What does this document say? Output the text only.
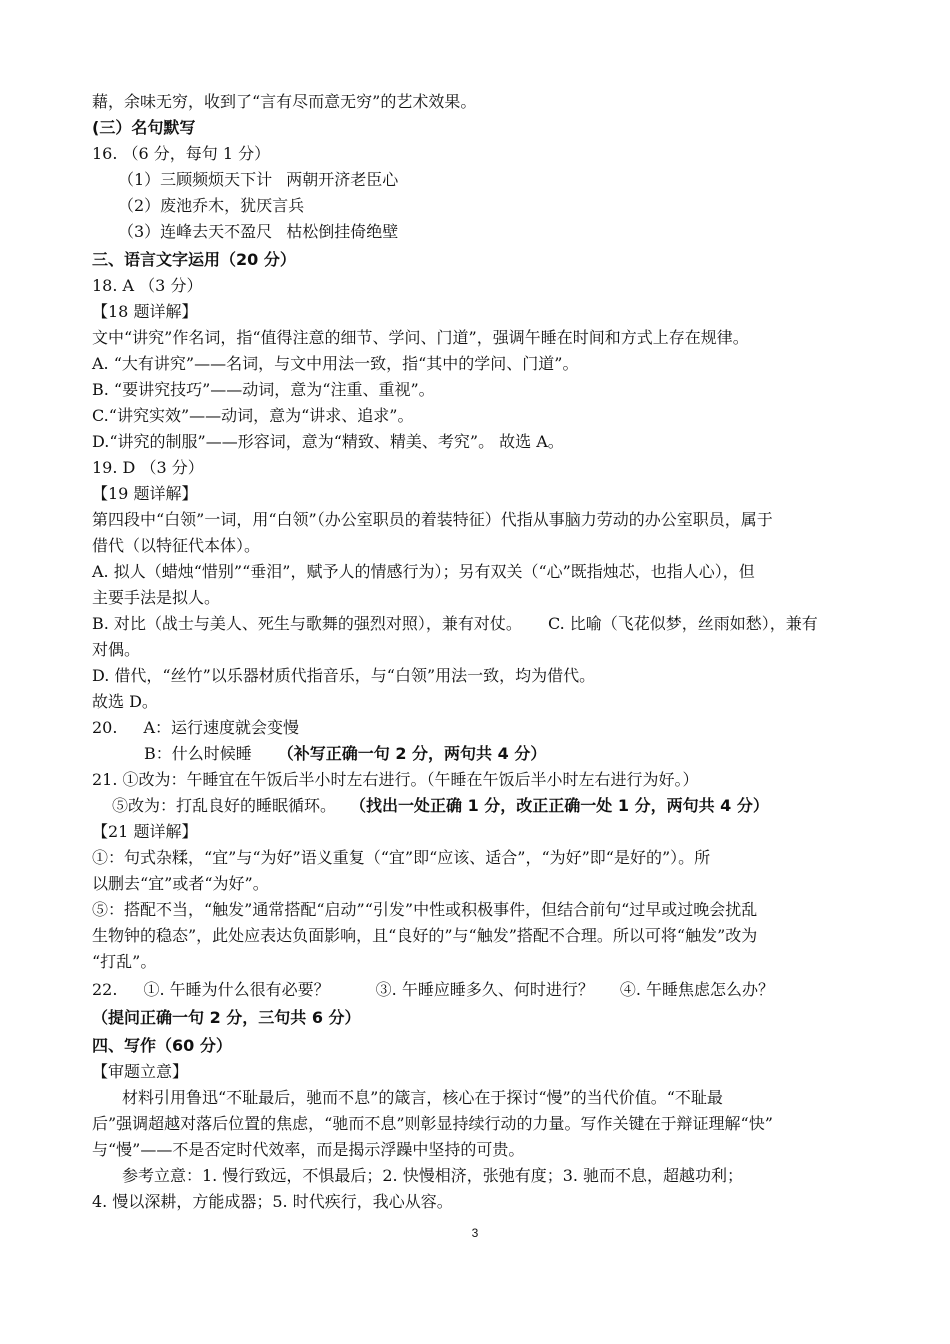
藉，余味无穷，收到了“言有尽而意无穷”的艺术效果。
(三）名句默写
16. （6 分，每句 1 分）
（1）三顾频烦天下计 两朝开济老臣心
（2）废池乔木，犹厌言兵
（3）连峰去天不盈尺 枯松倒挂倚绝壁
三、语言文字运用（20 分）
18. A （3 分）
【18 题详解】
文中“讲究”作名词，指“值得注意的细节、学问、门道”，强调午睡在时间和方式上存在规律。
A. “大有讲究”——名词，与文中用法一致，指“其中的学问、门道”。
B. “要讲究技巧”——动词，意为“注重、重视”。
C.“讲究实效”——动词，意为“讲求、追求”。
D.“讲究的制服”——形容词，意为“精致、精美、考究”。 故选 A。
19. D （3 分）
【19 题详解】
第四段中“白领”一词，用“白领”（办公室职员的着装特征）代指从事脑力劳动的办公室职员，属于
借代（以特征代本体）。
A. 拟人（蜡烛“惜别”“垂泪”，赋予人的情感行为）；另有双关（“心”既指烛芯，也指人心），但
主要手法是拟人。
B. 对比（战士与美人、死生与歌舞的强烈对照），兼有对仗。 C. 比喻（飞花似梦，丝雨如愁），兼有
对偶。
D. 借代，“丝竹”以乐器材质代指音乐，与“白领”用法一致，均为借代。
故选 D。
20. A：运行速度就会变慢
B：什么时候睡 （补写正确一句 2 分，两句共 4 分）
21. ①改为：午睡宜在午饭后半小时左右进行。（午睡在午饭后半小时左右进行为好。）
⑤改为：打乱良好的睡眠循环。 （找出一处正确 1 分，改正正确一处 1 分，两句共 4 分）
【21 题详解】
①：句式杂糅，“宜”与“为好”语义重复（“宜”即“应该、适合”，“为好”即“是好的”）。所
以删去“宜”或者“为好”。
⑤：搭配不当，“触发”通常搭配“启动”“引发”中性或积极事件，但结合前句“过早或过晚会扰乱
生物钟的稳态”，此处应表达负面影响，且“良好的”与“触发”搭配不合理。所以可将“触发”改为
“打乱”。
22. ①. 午睡为什么很有必要？	③. 午睡应睡多久、何时进行？ ④. 午睡焦虑怎么办？
（提问正确一句 2 分，三句共 6 分）
四、写作（60 分）
【审题立意】
材料引用鲁迅“不耻最后，驰而不息”的箴言，核心在于探讨“慢”的当代价值。“不耻最
后”强调超越对落后位置的焦虑，“驰而不息”则彰显持续行动的力量。写作关键在于辩证理解“快”
与“慢”——不是否定时代效率，而是揭示浮躁中坚持的可贵。
参考立意：1. 慢行致远，不惧最后；2. 快慢相济，张弛有度；3. 驰而不息，超越功利；
4. 慢以深耕，方能成器；5. 时代疾行，我心从容。
3
